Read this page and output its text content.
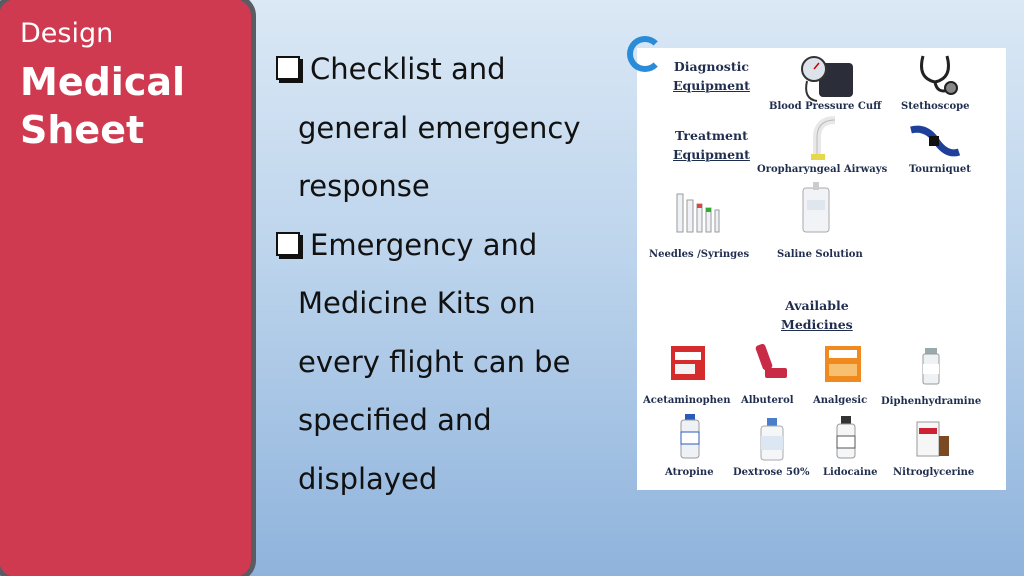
Design
Medical Sheet
Checklist and
general emergency
response
Emergency and
Medicine Kits on
every flight can be
specified and
displayed
Diagnostic
Equipment
Blood Pressure Cuff Stethoscope
Treatment
Equipment
Oropharyngeal Airways Tourniquet
Needles /Syringes	Saline Solution
Available
Medicines
Acetaminophen Albuterol Analgesic Diphenhydramine
Atropine Dextrose 50% Lidocaine Nitroglycerine
